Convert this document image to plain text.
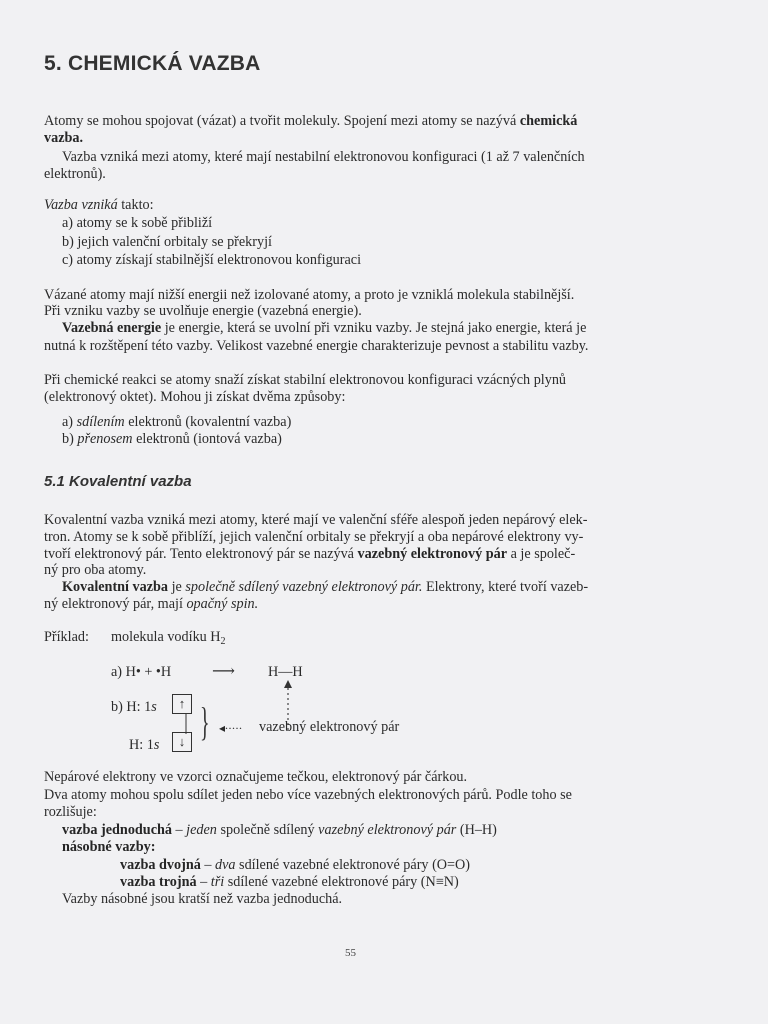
5. CHEMICKÁ VAZBA
Atomy se mohou spojovat (vázat) a tvořit molekuly. Spojení mezi atomy se nazývá chemická
vazba.
Vazba vzniká mezi atomy, které mají nestabilní elektronovou konfiguraci (1 až 7 valenčních
elektronů).
Vazba vzniká takto:
a) atomy se k sobě přibliží
b) jejich valenční orbitaly se překryjí
c) atomy získají stabilnější elektronovou konfiguraci
Vázané atomy mají nižší energii než izolované atomy, a proto je vzniklá molekula stabilnější.
Při vzniku vazby se uvolňuje energie (vazebná energie).
Vazebná energie je energie, která se uvolní při vzniku vazby. Je stejná jako energie, která je
nutná k rozštěpení této vazby. Velikost vazebné energie charakterizuje pevnost a stabilitu vazby.
Při chemické reakci se atomy snaží získat stabilní elektronovou konfiguraci vzácných plynů
(elektronový oktet). Mohou ji získat dvěma způsoby:
a) sdílením elektronů (kovalentní vazba)
b) přenosem elektronů (iontová vazba)
5.1 Kovalentní vazba
Kovalentní vazba vzniká mezi atomy, které mají ve valenční sféře alespoň jeden nepárový elek-
tron. Atomy se k sobě přiblíží, jejich valenční orbitaly se překryjí a oba nepárové elektrony vy-
tvoří elektronový pár. Tento elektronový pár se nazývá vazebný elektronový pár a je společ-
ný pro oba atomy.
Kovalentní vazba je společně sdílený vazebný elektronový pár. Elektrony, které tvoří vazeb-
ný elektronový pár, mají opačný spin.
Příklad: molekula vodíku $H_2$
a) H• + •H	⟶ H—H
b) H: 1s	↑
H: 1s	↓ } ◂····· vazebný elektronový pár
Nepárové elektrony ve vzorci označujeme tečkou, elektronový pár čárkou.
Dva atomy mohou spolu sdílet jeden nebo více vazebných elektronových párů. Podle toho se
rozlišuje:
vazba jednoduchá – jeden společně sdílený vazebný elektronový pár (H–H)
násobné vazby:
vazba dvojná – dva sdílené vazebné elektronové páry (O=O)
vazba trojná – tři sdílené vazebné elektronové páry (N≡N)
Vazby násobné jsou kratší než vazba jednoduchá.
55
